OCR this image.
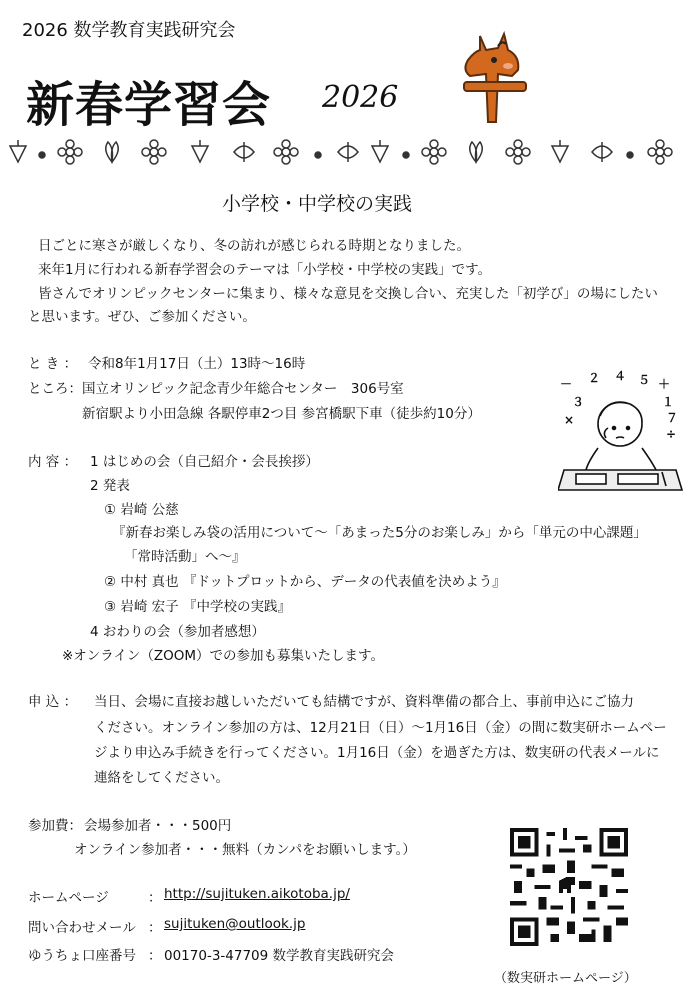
2026 数学教育実践研究会
新春学習会 2026
小学校・中学校の実践
日ごとに寒さが厳しくなり、冬の訪れが感じられる時期となりました。
来年1月に行われる新春学習会のテーマは「小学校・中学校の実践」です。
皆さんでオリンピックセンターに集まり、様々な意見を交換し合い、充実した「初学び」の場にしたい
と思います。ぜひ、ご参加ください。
と き ： 令和8年1月17日（土）13時～16時
ところ： 国立オリンピック記念青少年総合センター　306号室
新宿駅より小田急線 各駅停車2つ目 参宮橋駅下車（徒歩約10分）
－ ２ ４ ５ ＋
３	１
×	７
÷
内 容 ： 1 はじめの会（自己紹介・会長挨拶）
2 発表
① 岩崎 公慈
『新春お楽しみ袋の活用について～「あまった5分のお楽しみ」から「単元の中心課題」
「常時活動」へ～』
② 中村 真也 『ドットプロットから、データの代表値を決めよう』
③ 岩崎 宏子 『中学校の実践』
4 おわりの会（参加者感想）
※オンライン（ZOOM）での参加も募集いたします。
申 込 ： 当日、会場に直接お越しいただいても結構ですが、資料準備の都合上、事前申込にご協力
ください。オンライン参加の方は、12月21日（日）～1月16日（金）の間に数実研ホームペー
ジより申込み手続きを行ってください。1月16日（金）を過ぎた方は、数実研の代表メールに
連絡をしてください。
参加費： 会場参加者・・・500円
オンライン参加者・・・無料（カンパをお願いします。）
ホームページ	： http://sujituken.aikotoba.jp/
問い合わせメール ： sujituken@outlook.jp
ゆうちょ口座番号 ： 00170-3-47709 数学教育実践研究会
（数実研ホームページ）
